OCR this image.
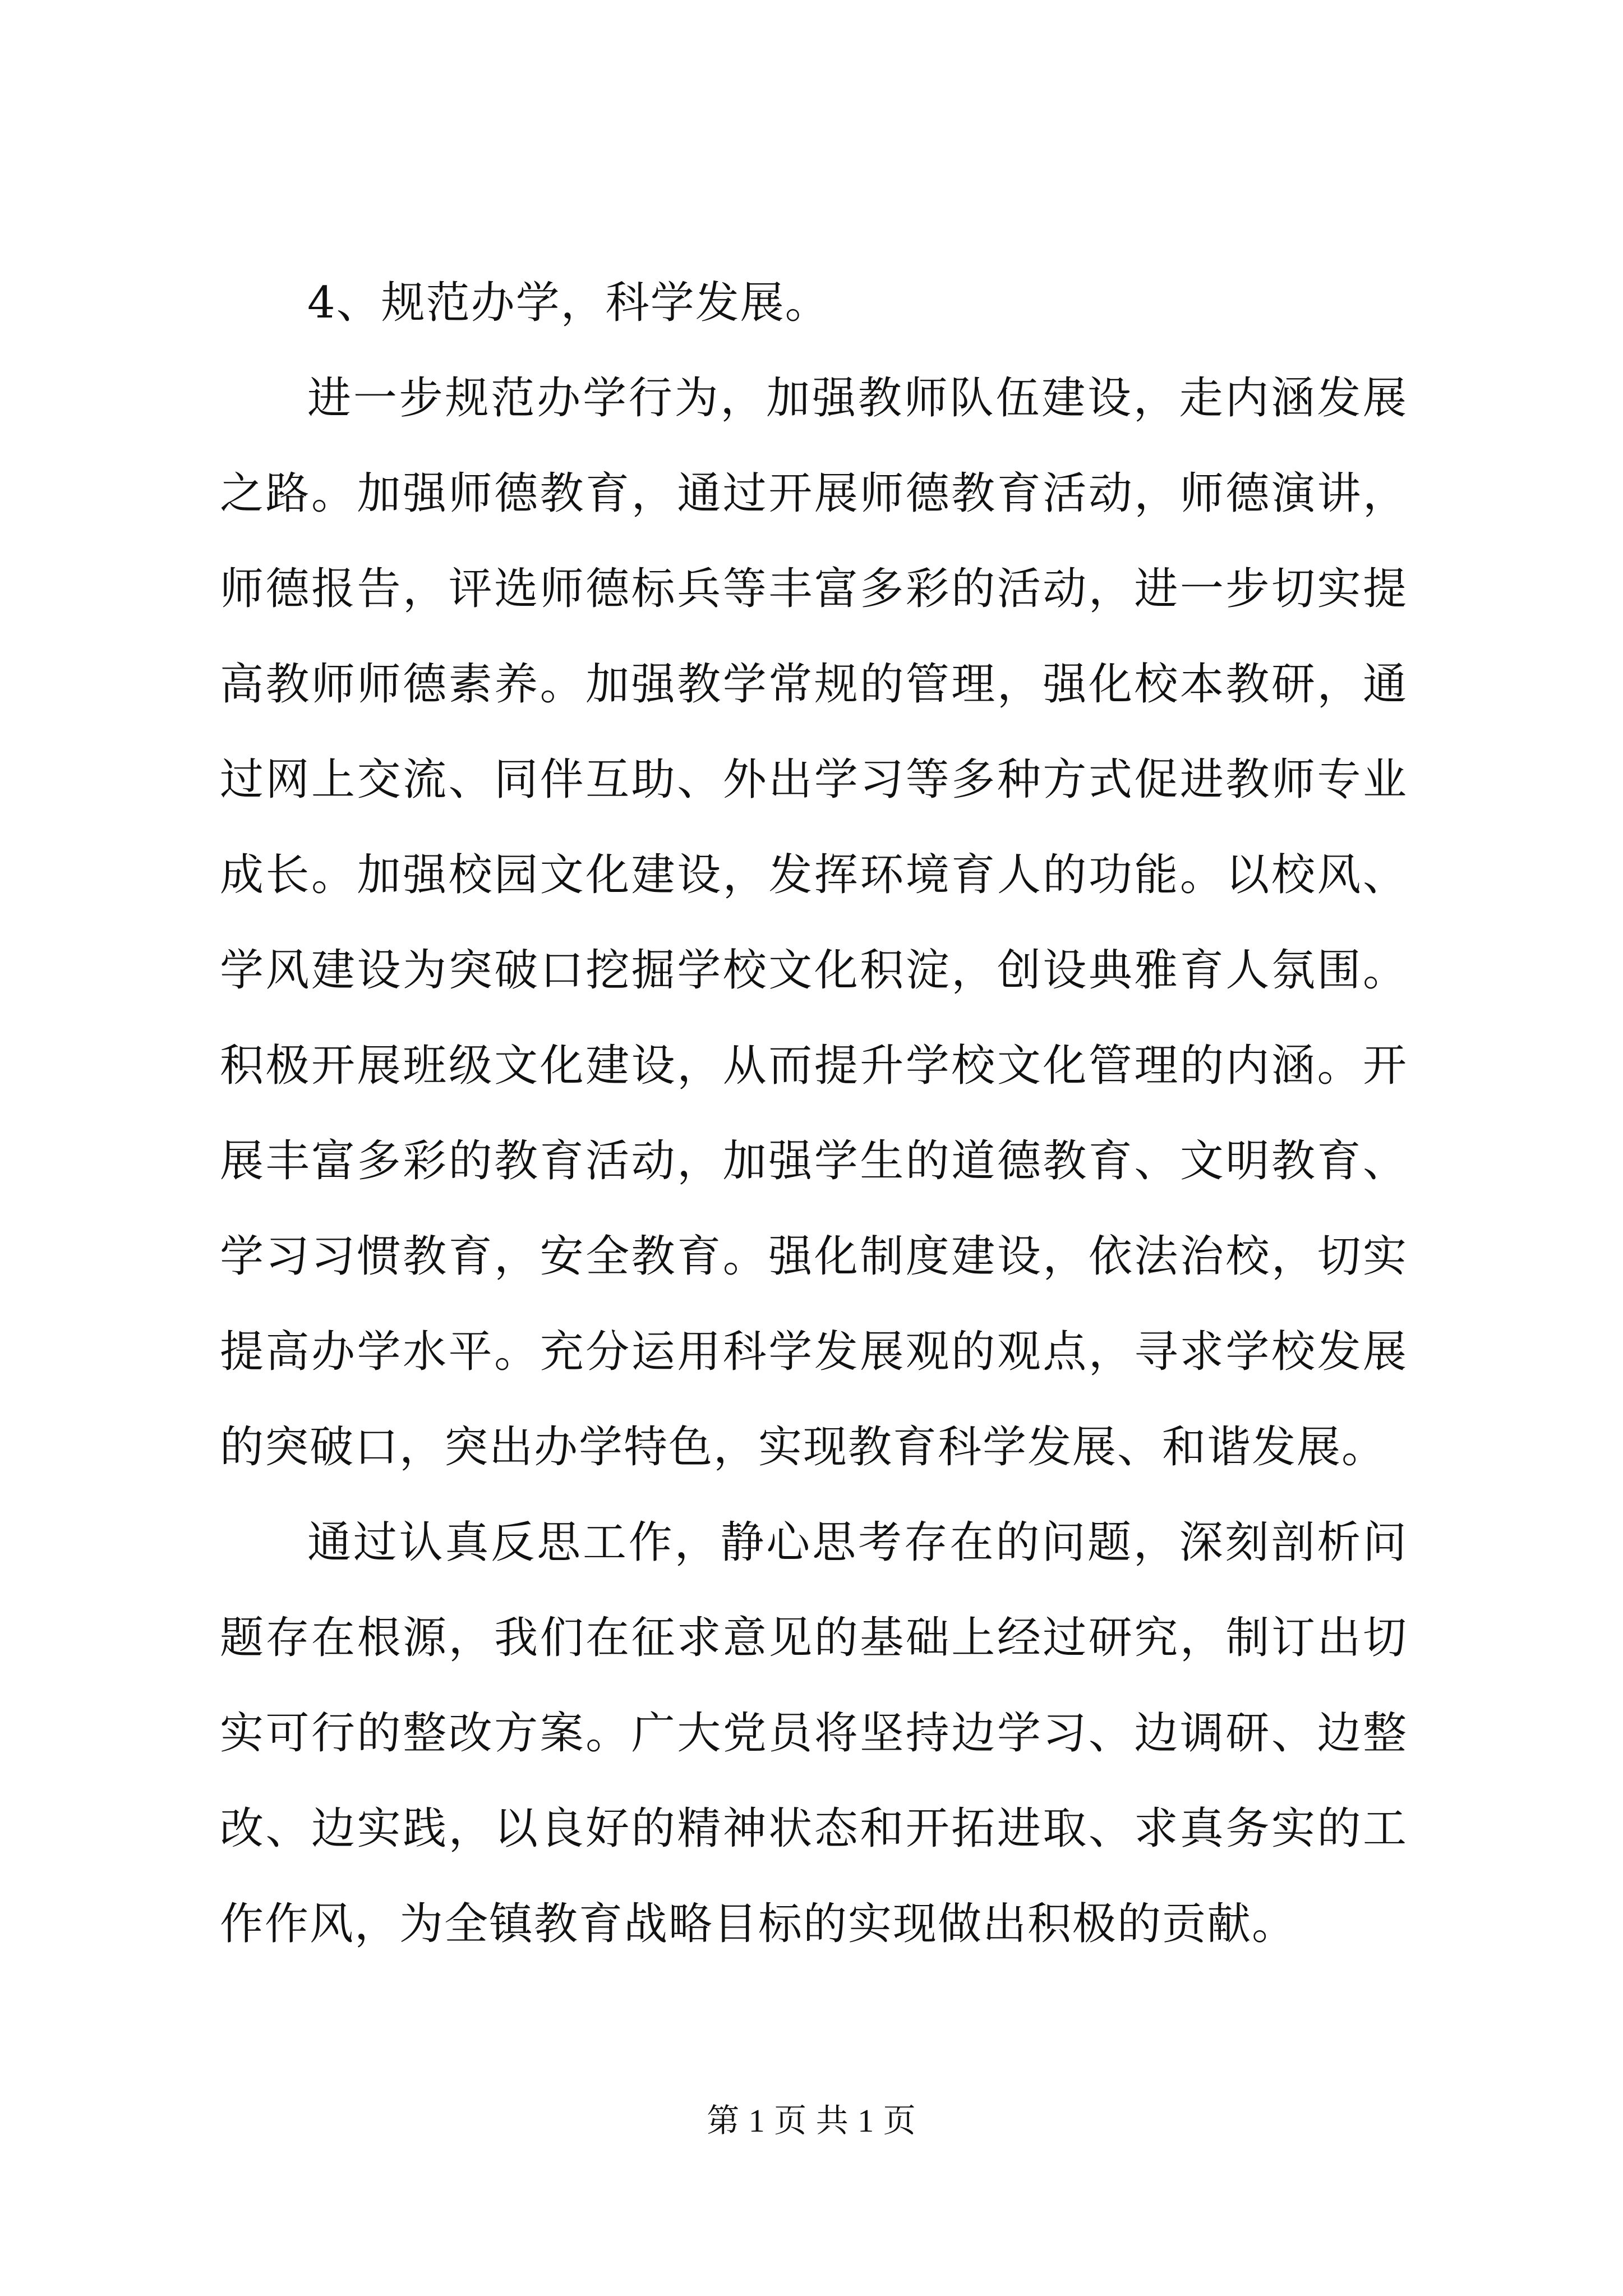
4、规范办学，科学发展。

进一步规范办学行为，加强教师队伍建设，走内涵发展之路。加强师德教育，通过开展师德教育活动，师德演讲，师德报告，评选师德标兵等丰富多彩的活动，进一步切实提高教师师德素养。加强教学常规的管理，强化校本教研，通过网上交流、同伴互助、外出学习等多种方式促进教师专业成长。加强校园文化建设，发挥环境育人的功能。以校风、学风建设为突破口挖掘学校文化积淀，创设典雅育人氛围。积极开展班级文化建设，从而提升学校文化管理的内涵。开展丰富多彩的教育活动，加强学生的道德教育、文明教育、学习习惯教育，安全教育。强化制度建设，依法治校，切实提高办学水平。充分运用科学发展观的观点，寻求学校发展的突破口，突出办学特色，实现教育科学发展、和谐发展。

通过认真反思工作，静心思考存在的问题，深刻剖析问题存在根源，我们在征求意见的基础上经过研究，制订出切实可行的整改方案。广大党员将坚持边学习、边调研、边整改、边实践，以良好的精神状态和开拓进取、求真务实的工作作风，为全镇教育战略目标的实现做出积极的贡献。

第 1 页 共 1 页
